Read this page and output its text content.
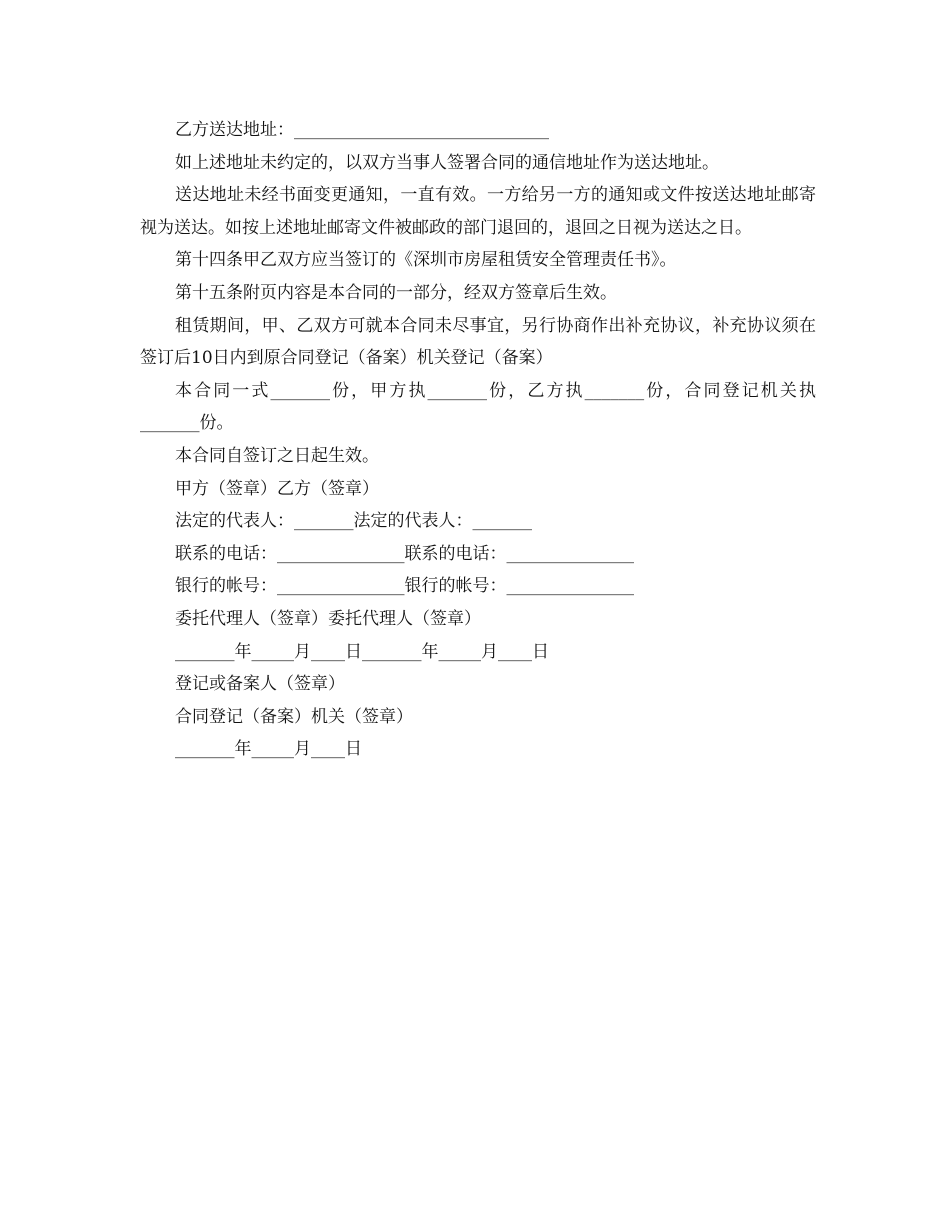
乙方送达地址：______________________________

如上述地址未约定的，以双方当事人签署合同的通信地址作为送达地址。

送达地址未经书面变更通知，一直有效。一方给另一方的通知或文件按送达地址邮寄视为送达。如按上述地址邮寄文件被邮政的部门退回的，退回之日视为送达之日。

第十四条甲乙双方应当签订的《深圳市房屋租赁安全管理责任书》。

第十五条附页内容是本合同的一部分，经双方签章后生效。

租赁期间，甲、乙双方可就本合同未尽事宜，另行协商作出补充协议，补充协议须在签订后10日内到原合同登记（备案）机关登记（备案）

本合同一式_______份，甲方执_______份，乙方执_______份，合同登记机关执_______份。

本合同自签订之日起生效。

甲方（签章）乙方（签章）

法定的代表人：_______法定的代表人：_______

联系的电话：_______________联系的电话：_______________

银行的帐号：_______________银行的帐号：_______________

委托代理人（签章）委托代理人（签章）

_______年_____月____日_______年_____月____日

登记或备案人（签章）

合同登记（备案）机关（签章）

_______年_____月____日
